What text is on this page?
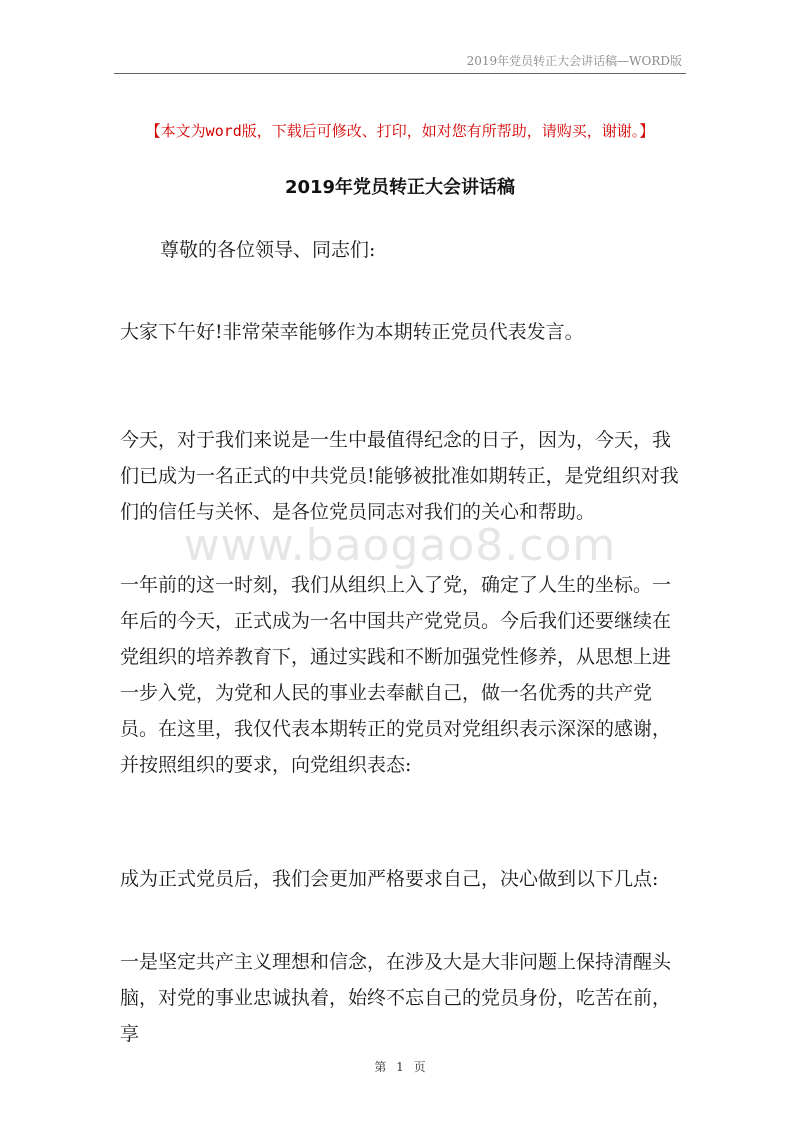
2019年党员转正大会讲话稿—WORD版
【本文为word版，下载后可修改、打印，如对您有所帮助，请购买，谢谢。】
2019年党员转正大会讲话稿
www.baogao8.com
尊敬的各位领导、同志们:

大家下午好!非常荣幸能够作为本期转正党员代表发言。

今天，对于我们来说是一生中最值得纪念的日子，因为，今天，我们已成为一名正式的中共党员!能够被批准如期转正，是党组织对我们的信任与关怀、是各位党员同志对我们的关心和帮助。

一年前的这一时刻，我们从组织上入了党，确定了人生的坐标。一年后的今天，正式成为一名中国共产党党员。今后我们还要继续在党组织的培养教育下，通过实践和不断加强党性修养，从思想上进一步入党，为党和人民的事业去奉献自己，做一名优秀的共产党员。在这里，我仅代表本期转正的党员对党组织表示深深的感谢，并按照组织的要求，向党组织表态:

成为正式党员后，我们会更加严格要求自己，决心做到以下几点:

一是坚定共产主义理想和信念，在涉及大是大非问题上保持清醒头脑，对党的事业忠诚执着，始终不忘自己的党员身份，吃苦在前，享

第 1 页
